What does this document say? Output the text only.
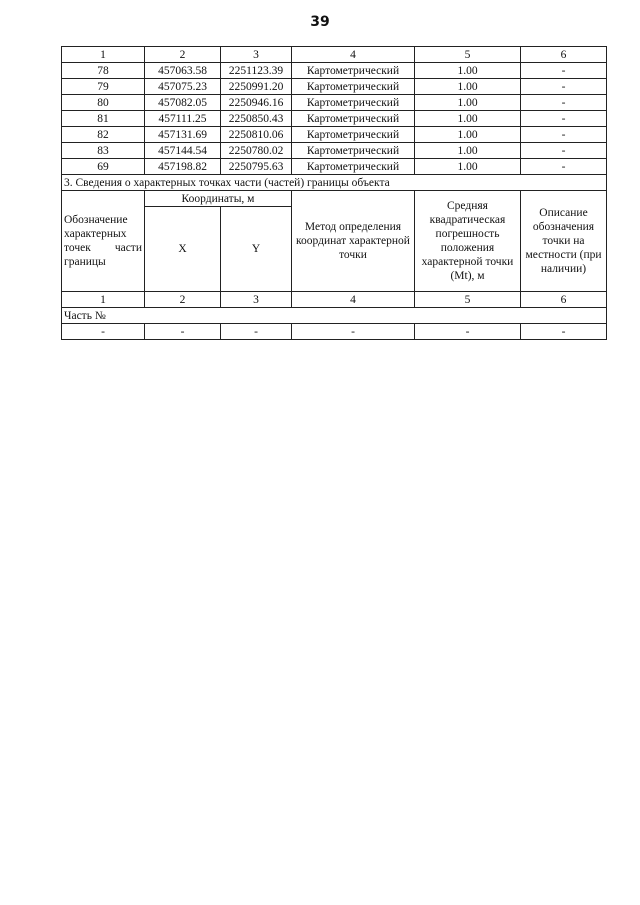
39
1	2	3	4	5	6
78	457063.58	2251123.39	Картометрический	1.00	-
79	457075.23	2250991.20	Картометрический	1.00	-
80	457082.05	2250946.16	Картометрический	1.00	-
81	457111.25	2250850.43	Картометрический	1.00	-
82	457131.69	2250810.06	Картометрический	1.00	-
83	457144.54	2250780.02	Картометрический	1.00	-
69	457198.82	2250795.63	Картометрический	1.00	-
3. Сведения о характерных точках части (частей) границы объекта					
Обозначение характерных точек части границы	Координаты, м		Метод определения координат характерной точки	Средняя квадратическая погрешность положения характерной точки (Mt), м	Описание обозначения точки на местности (при наличии)
	X	Y			
1	2	3	4	5	6
Часть №					
-	-	-	-	-	-
